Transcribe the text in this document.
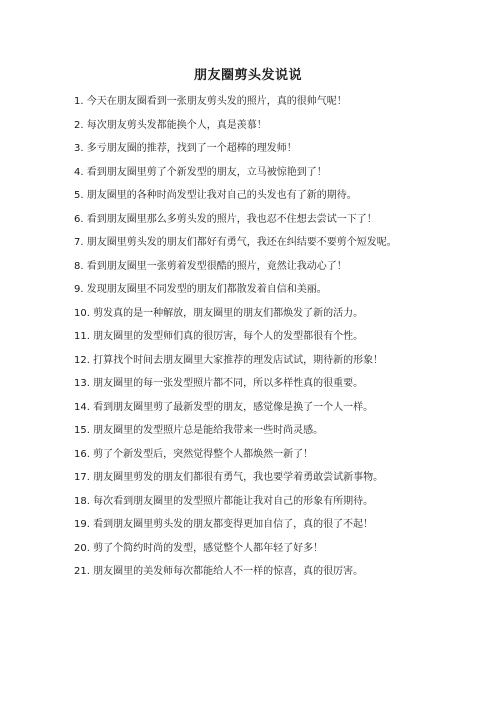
朋友圈剪头发说说
1. 今天在朋友圈看到一张朋友剪头发的照片，真的很帅气呢！
2. 每次朋友剪头发都能换个人，真是羡慕！
3. 多亏朋友圈的推荐，找到了一个超棒的理发师！
4. 看到朋友圈里剪了个新发型的朋友，立马被惊艳到了！
5. 朋友圈里的各种时尚发型让我对自己的头发也有了新的期待。
6. 看到朋友圈里那么多剪头发的照片，我也忍不住想去尝试一下了！
7. 朋友圈里剪头发的朋友们都好有勇气，我还在纠结要不要剪个短发呢。
8. 看到朋友圈里一张剪着发型很酷的照片，竟然让我动心了！
9. 发现朋友圈里不同发型的朋友们都散发着自信和美丽。
10. 剪发真的是一种解放，朋友圈里的朋友们都焕发了新的活力。
11. 朋友圈里的发型师们真的很厉害，每个人的发型都很有个性。
12. 打算找个时间去朋友圈里大家推荐的理发店试试，期待新的形象！
13. 朋友圈里的每一张发型照片都不同，所以多样性真的很重要。
14. 看到朋友圈里剪了最新发型的朋友，感觉像是换了一个人一样。
15. 朋友圈里的发型照片总是能给我带来一些时尚灵感。
16. 剪了个新发型后，突然觉得整个人都焕然一新了！
17. 朋友圈里剪发的朋友们都很有勇气，我也要学着勇敢尝试新事物。
18. 每次看到朋友圈里的发型照片都能让我对自己的形象有所期待。
19. 看到朋友圈里剪头发的朋友都变得更加自信了，真的很了不起！
20. 剪了个简约时尚的发型，感觉整个人都年轻了好多！
21. 朋友圈里的美发师每次都能给人不一样的惊喜，真的很厉害。
